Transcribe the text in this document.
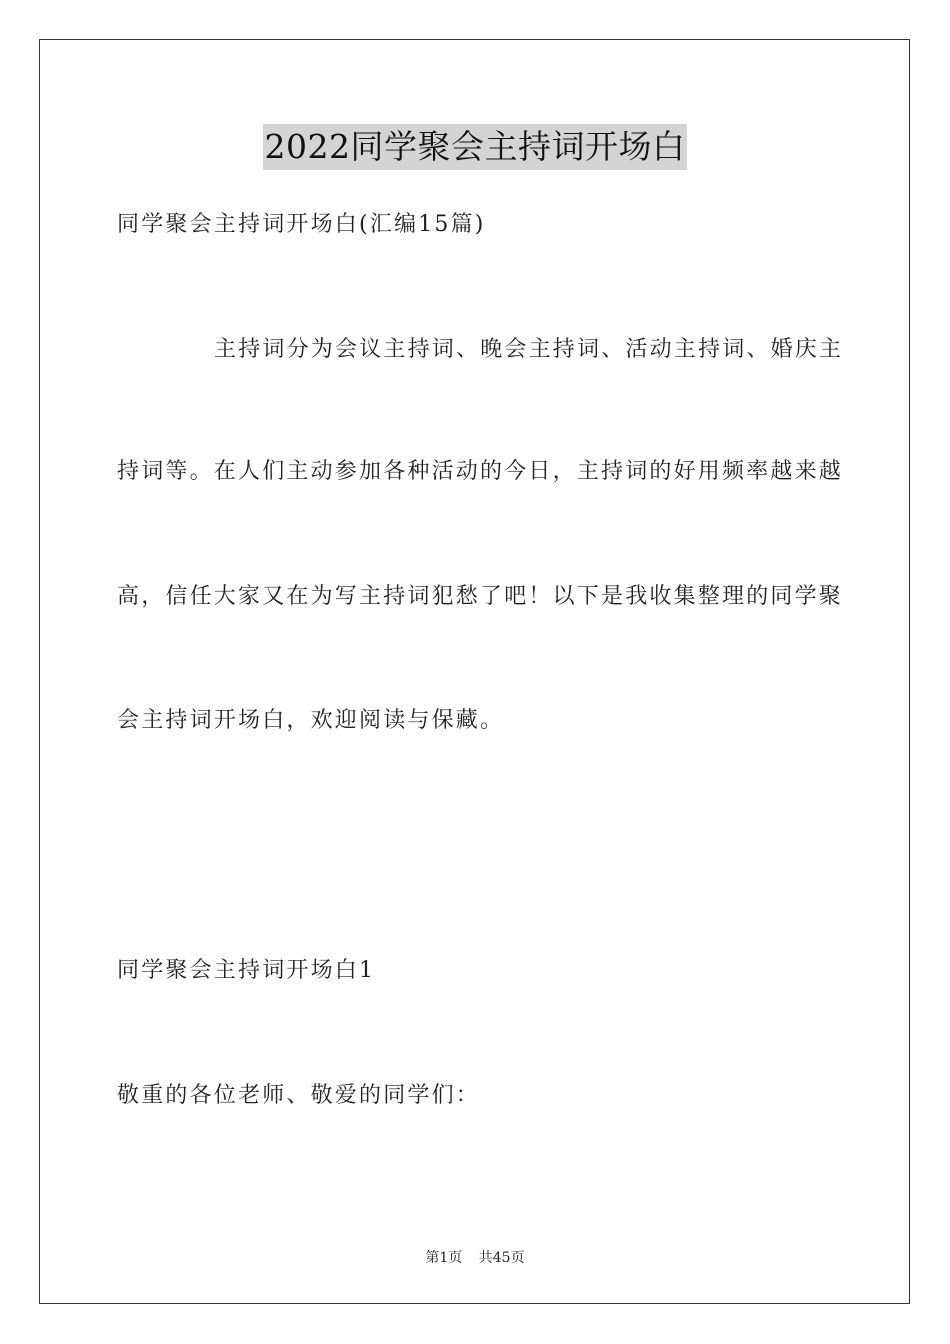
2022同学聚会主持词开场白
同学聚会主持词开场白(汇编15篇)
主持词分为会议主持词、晚会主持词、活动主持词、婚庆主
持词等。在人们主动参加各种活动的今日，主持词的好用频率越来越
高，信任大家又在为写主持词犯愁了吧！以下是我收集整理的同学聚
会主持词开场白，欢迎阅读与保藏。
同学聚会主持词开场白1
敬重的各位老师、敬爱的同学们：
第1页 共45页
